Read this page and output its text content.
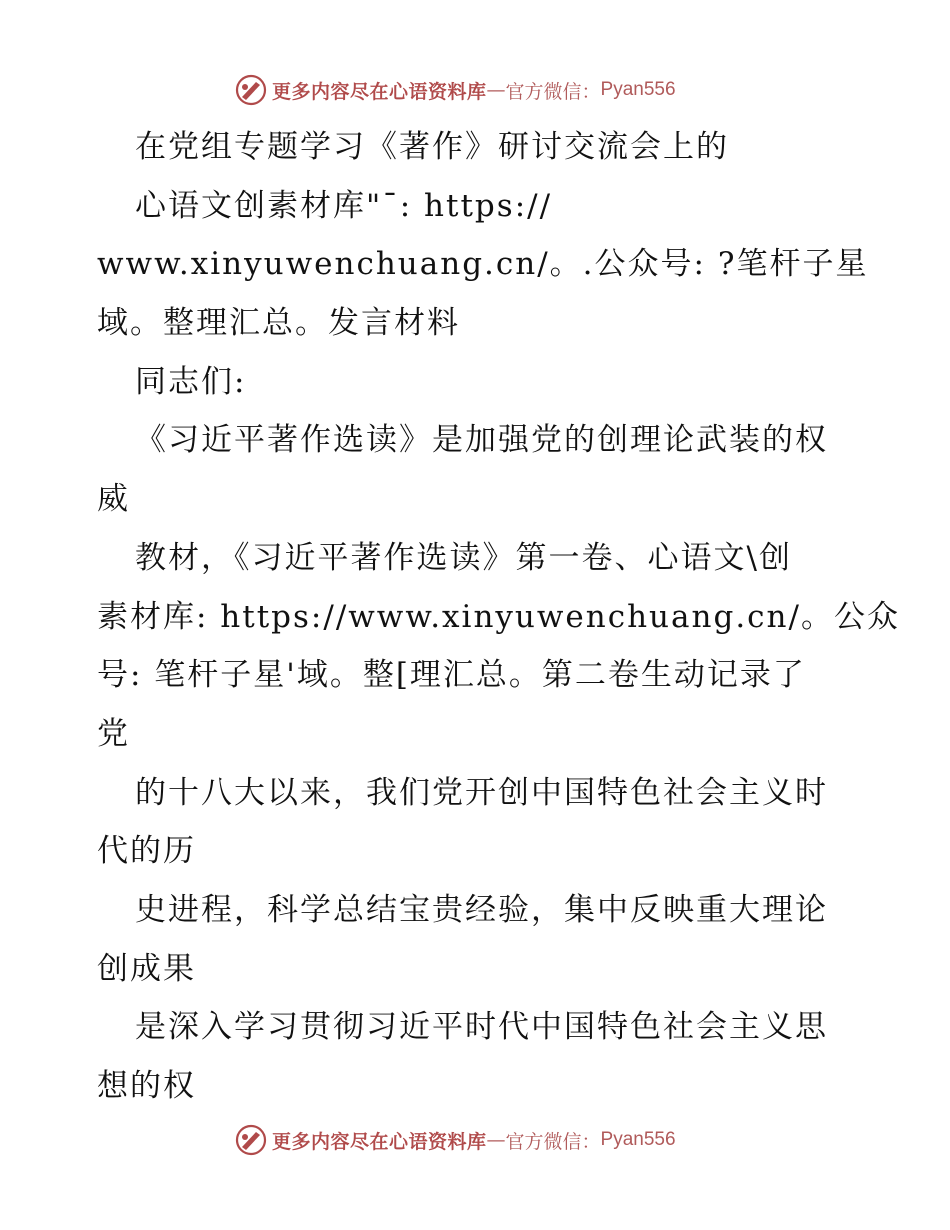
更多内容尽在心语资料库 — 官方微信： Pyan556
在党组专题学习《著作》研讨交流会上的
心语文创素材库"¯: https://
www.xinyuwenchuang.cn/。.公众号: ?笔杆子星
域。整理汇总。发言材料
同志们:
《习近平著作选读》是加强党的创理论武装的权
威
教材，《习近平著作选读》第一卷、心语文\创
素材库: https://www.xinyuwenchuang.cn/。公众
号: 笔杆子星'域。整[理汇总。第二卷生动记录了
党
的十八大以来，我们党开创中国特色社会主义时
代的历
史进程，科学总结宝贵经验，集中反映重大理论
创成果
是深入学习贯彻习近平时代中国特色社会主义思
想的权
更多内容尽在心语资料库 — 官方微信： Pyan556
